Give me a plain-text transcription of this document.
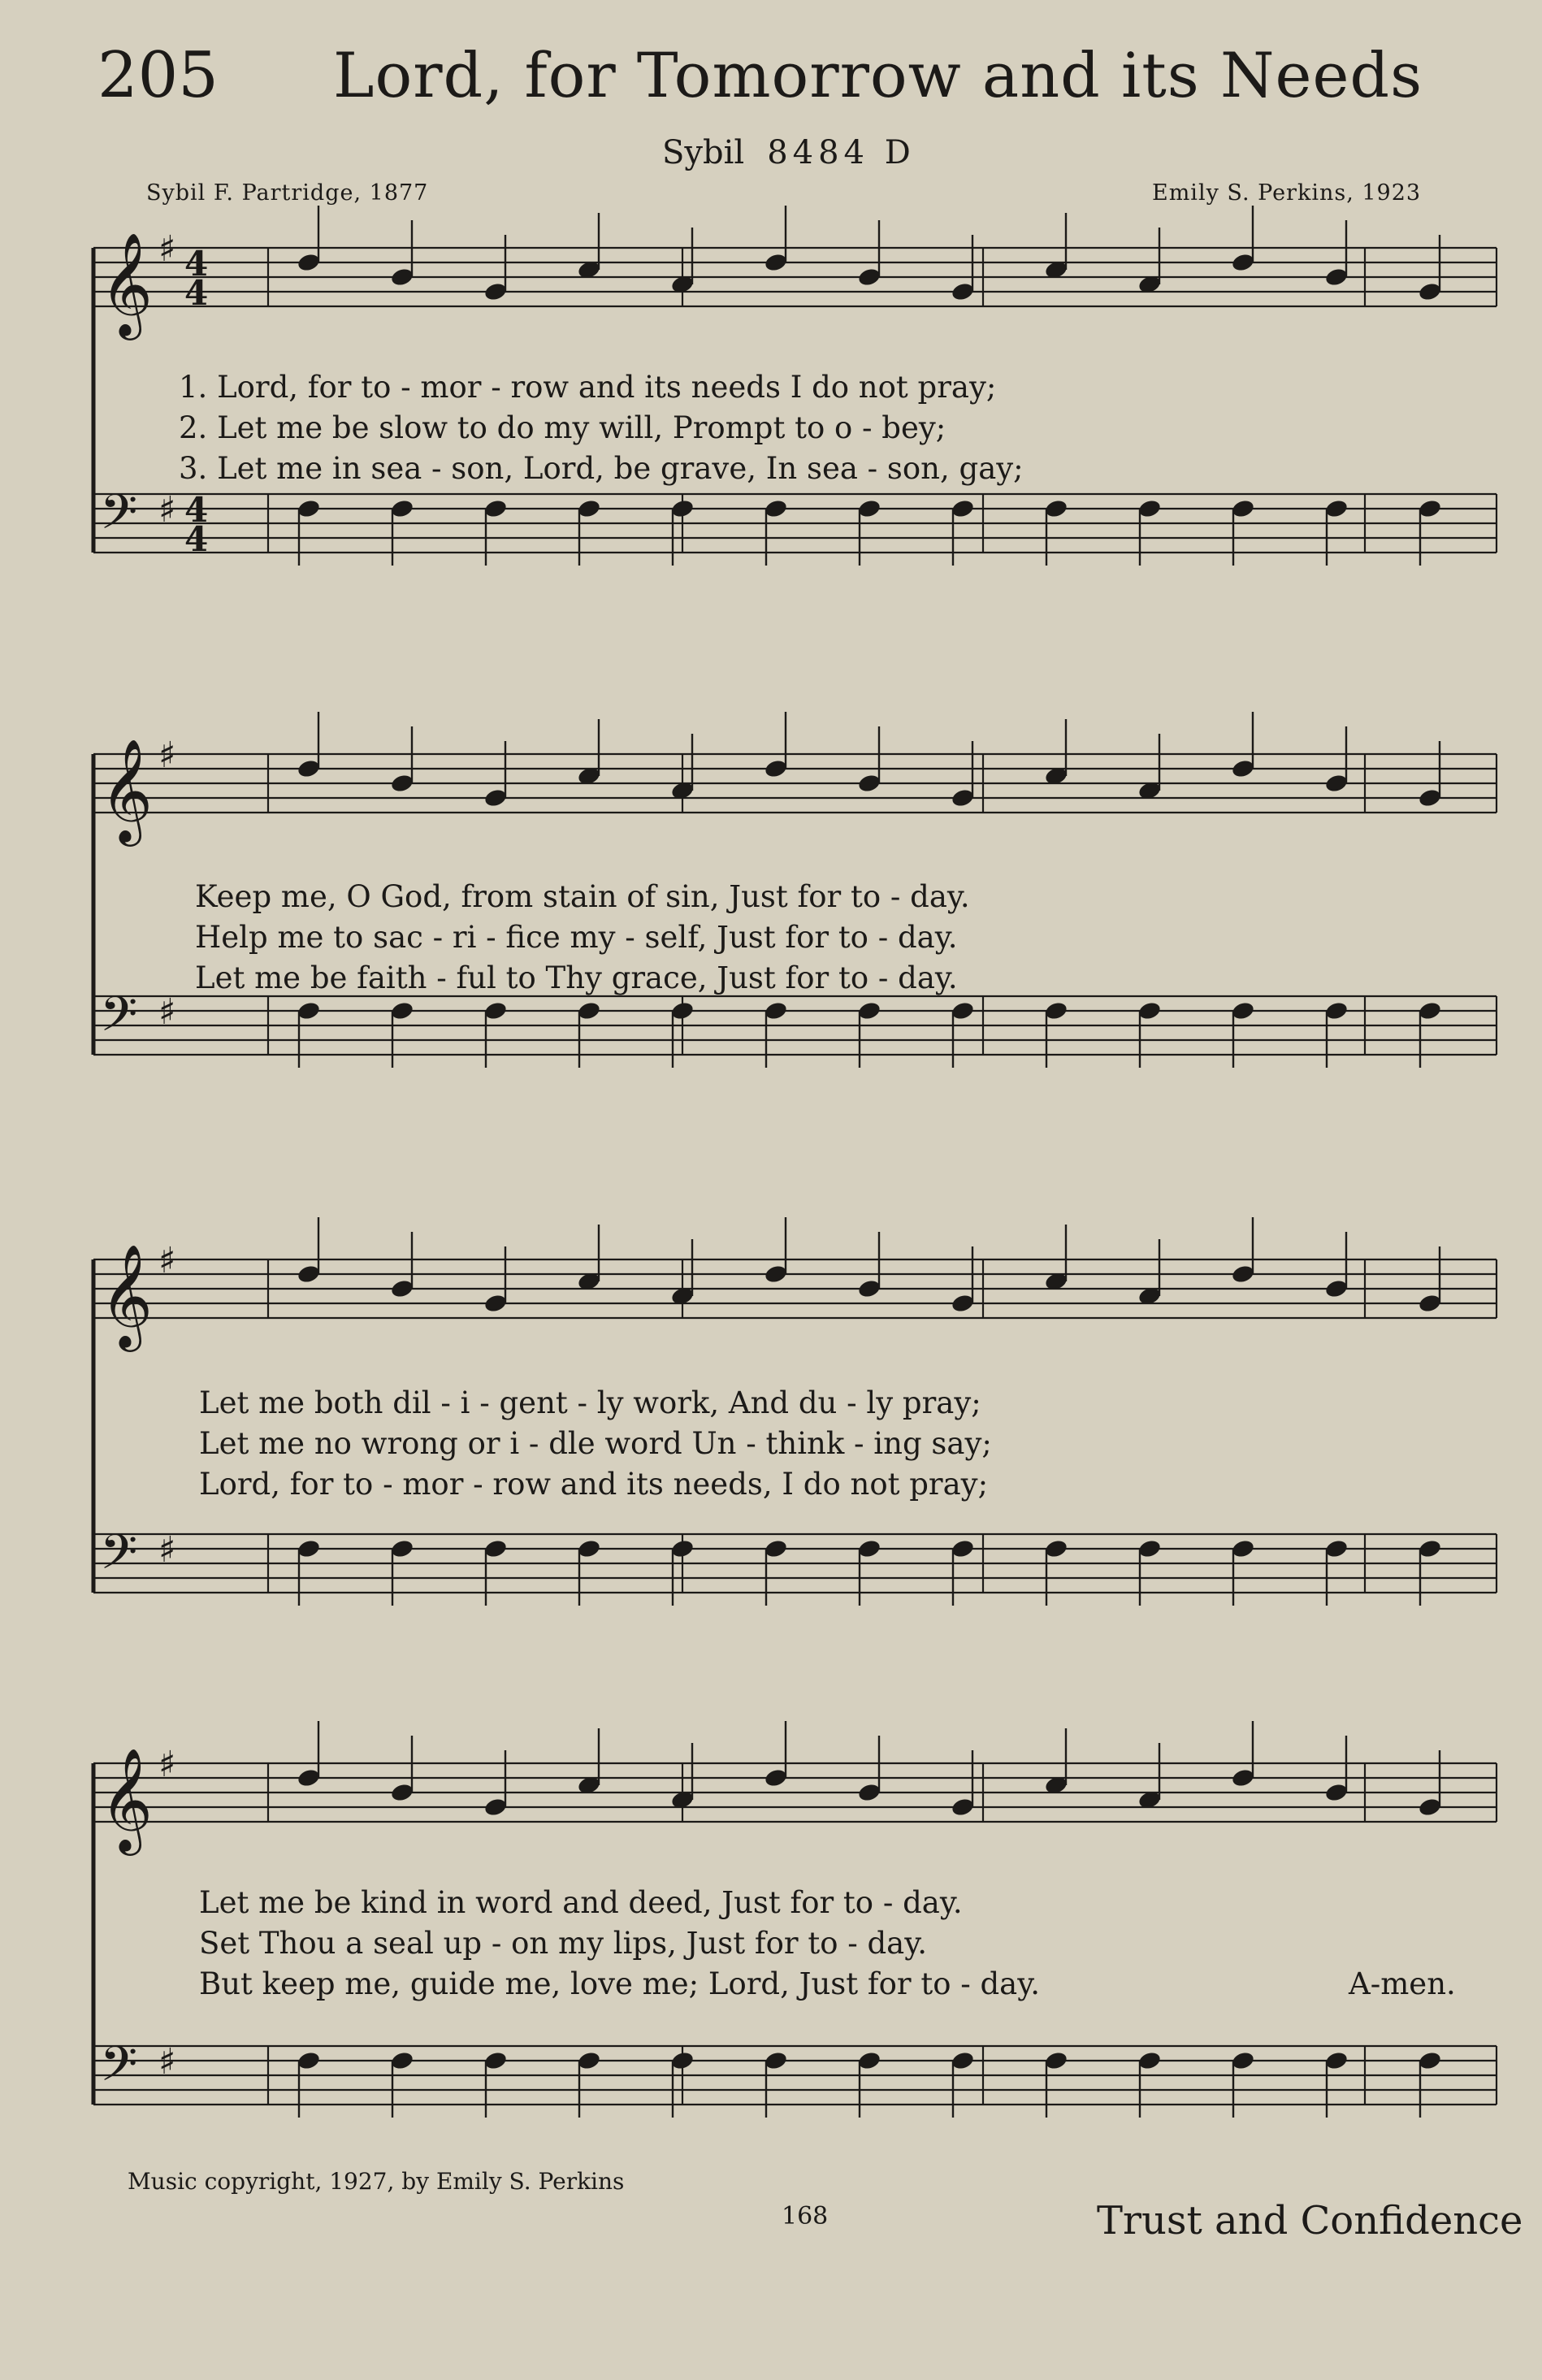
205 Lord, for Tomorrow and its Needs
Sybil 8484 D
Sybil F. Partridge, 1877	Emily S. Perkins, 1923
𝄞
𝄢
♯
♯
4
4
4
4
1. Lord, for to - mor - row and its needs I do not pray;
2. Let me be slow to do my will, Prompt to o - bey;
3. Let me in sea - son, Lord, be grave, In sea - son, gay;
𝄞
𝄢
♯
♯
Keep me, O God, from stain of sin, Just for to - day.
Help me to sac - ri - fice my - self, Just for to - day.
Let me be faith - ful to Thy grace, Just for to - day.
𝄞
𝄢
♯
♯
Let me both dil - i - gent - ly work, And du - ly pray;
Let me no wrong or i - dle word Un - think - ing say;
Lord, for to - mor - row and its needs, I do not pray;
𝄞
𝄢
♯
♯
Let me be kind in word and deed, Just for to - day.
Set Thou a seal up - on my lips, Just for to - day.
But keep me, guide me, love me; Lord, Just for to - day.	A-men.
Music copyright, 1927, by Emily S. Perkins
168	Trust and Confidence
